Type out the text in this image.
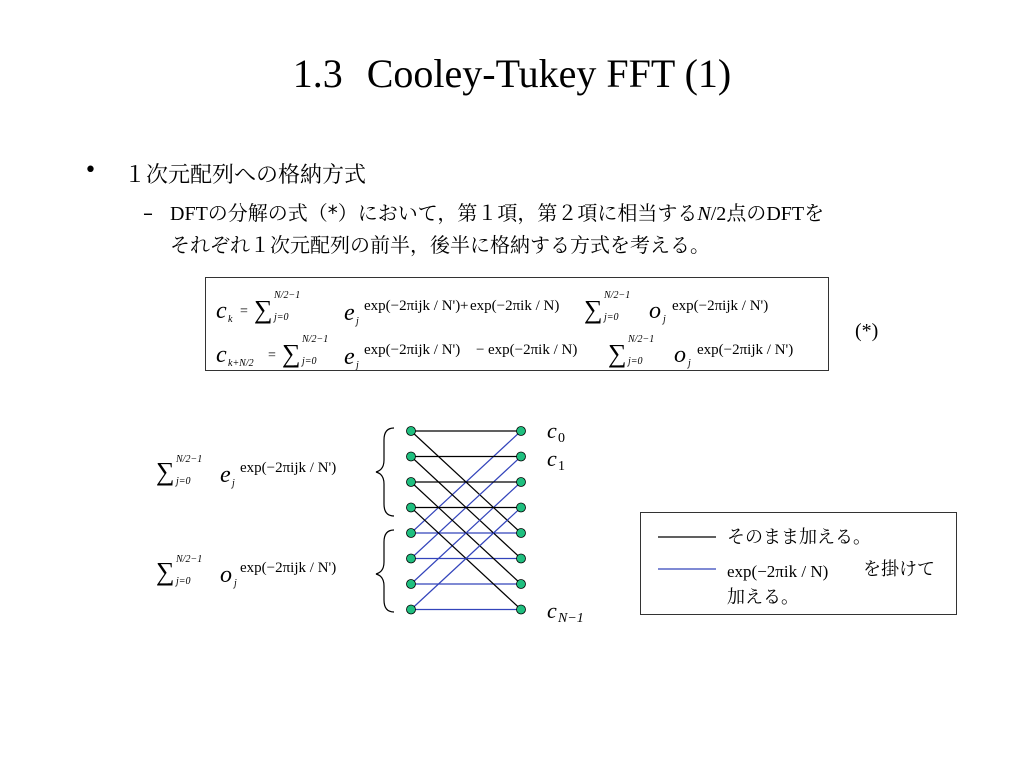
1.3 Cooley-Tukey FFT (1)
• １次元配列への格納方式
– DFTの分解の式（*）において，第１項，第２項に相当するN/2点のDFTを
それぞれ１次元配列の前半，後半に格納する方式を考える。
c k
= ∑ N/2−1
j=0 e j
exp(−2πijk / N') + exp(−2πik / N) ∑ N/2−1
j=0 o j
exp(−2πijk / N')
c k+N/2
= ∑ N/2−1
j=0 e j
exp(−2πijk / N') − exp(−2πik / N) ∑ N/2−1
j=0 o j
exp(−2πijk / N')
(*)
∑ N/2−1
j=0 e j
exp(−2πijk / N')
∑ N/2−1
j=0 o j
exp(−2πijk / N')
c 0
c 1
c N−1
そのまま加える。
exp(−2πik / N) を掛けて
加える。
